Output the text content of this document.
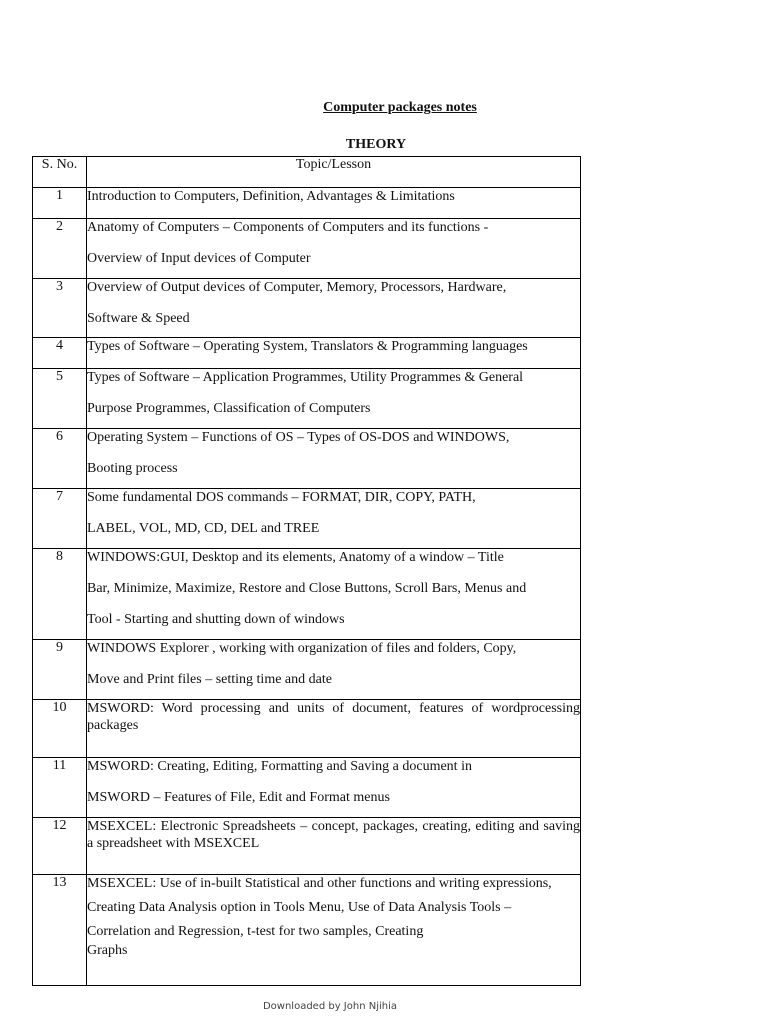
Computer packages notes
THEORY
S. No.	Topic/Lesson
1	Introduction to Computers, Definition, Advantages & Limitations

2	Anatomy of Computers – Components of Computers and its functions -
Overview of Input devices of Computer

3	Overview of Output devices of Computer, Memory, Processors, Hardware,
Software & Speed

4	Types of Software – Operating System, Translators & Programming languages

5	Types of Software – Application Programmes, Utility Programmes & General
Purpose Programmes, Classification of Computers

6	Operating System – Functions of OS – Types of OS-DOS and WINDOWS,
Booting process

7	Some fundamental DOS commands – FORMAT, DIR, COPY, PATH,
LABEL, VOL, MD, CD, DEL and TREE

8	WINDOWS:GUI, Desktop and its elements, Anatomy of a window – Title
Bar, Minimize, Maximize, Restore and Close Buttons, Scroll Bars, Menus and
Tool - Starting and shutting down of windows

9	WINDOWS Explorer , working with organization of files and folders, Copy,
Move and Print files – setting time and date

10	MSWORD: Word processing and units of document, features of wordprocessing packages

11	MSWORD: Creating, Editing, Formatting and Saving a document in
MSWORD – Features of File, Edit and Format menus

12	MSEXCEL: Electronic Spreadsheets – concept, packages, creating, editing and saving a spreadsheet with MSEXCEL

13	MSEXCEL: Use of in-built Statistical and other functions and writing expressions,
Creating Data Analysis option in Tools Menu, Use of Data Analysis Tools –
Correlation and Regression, t-test for two samples, Creating
Graphs
Downloaded by John Njihia
